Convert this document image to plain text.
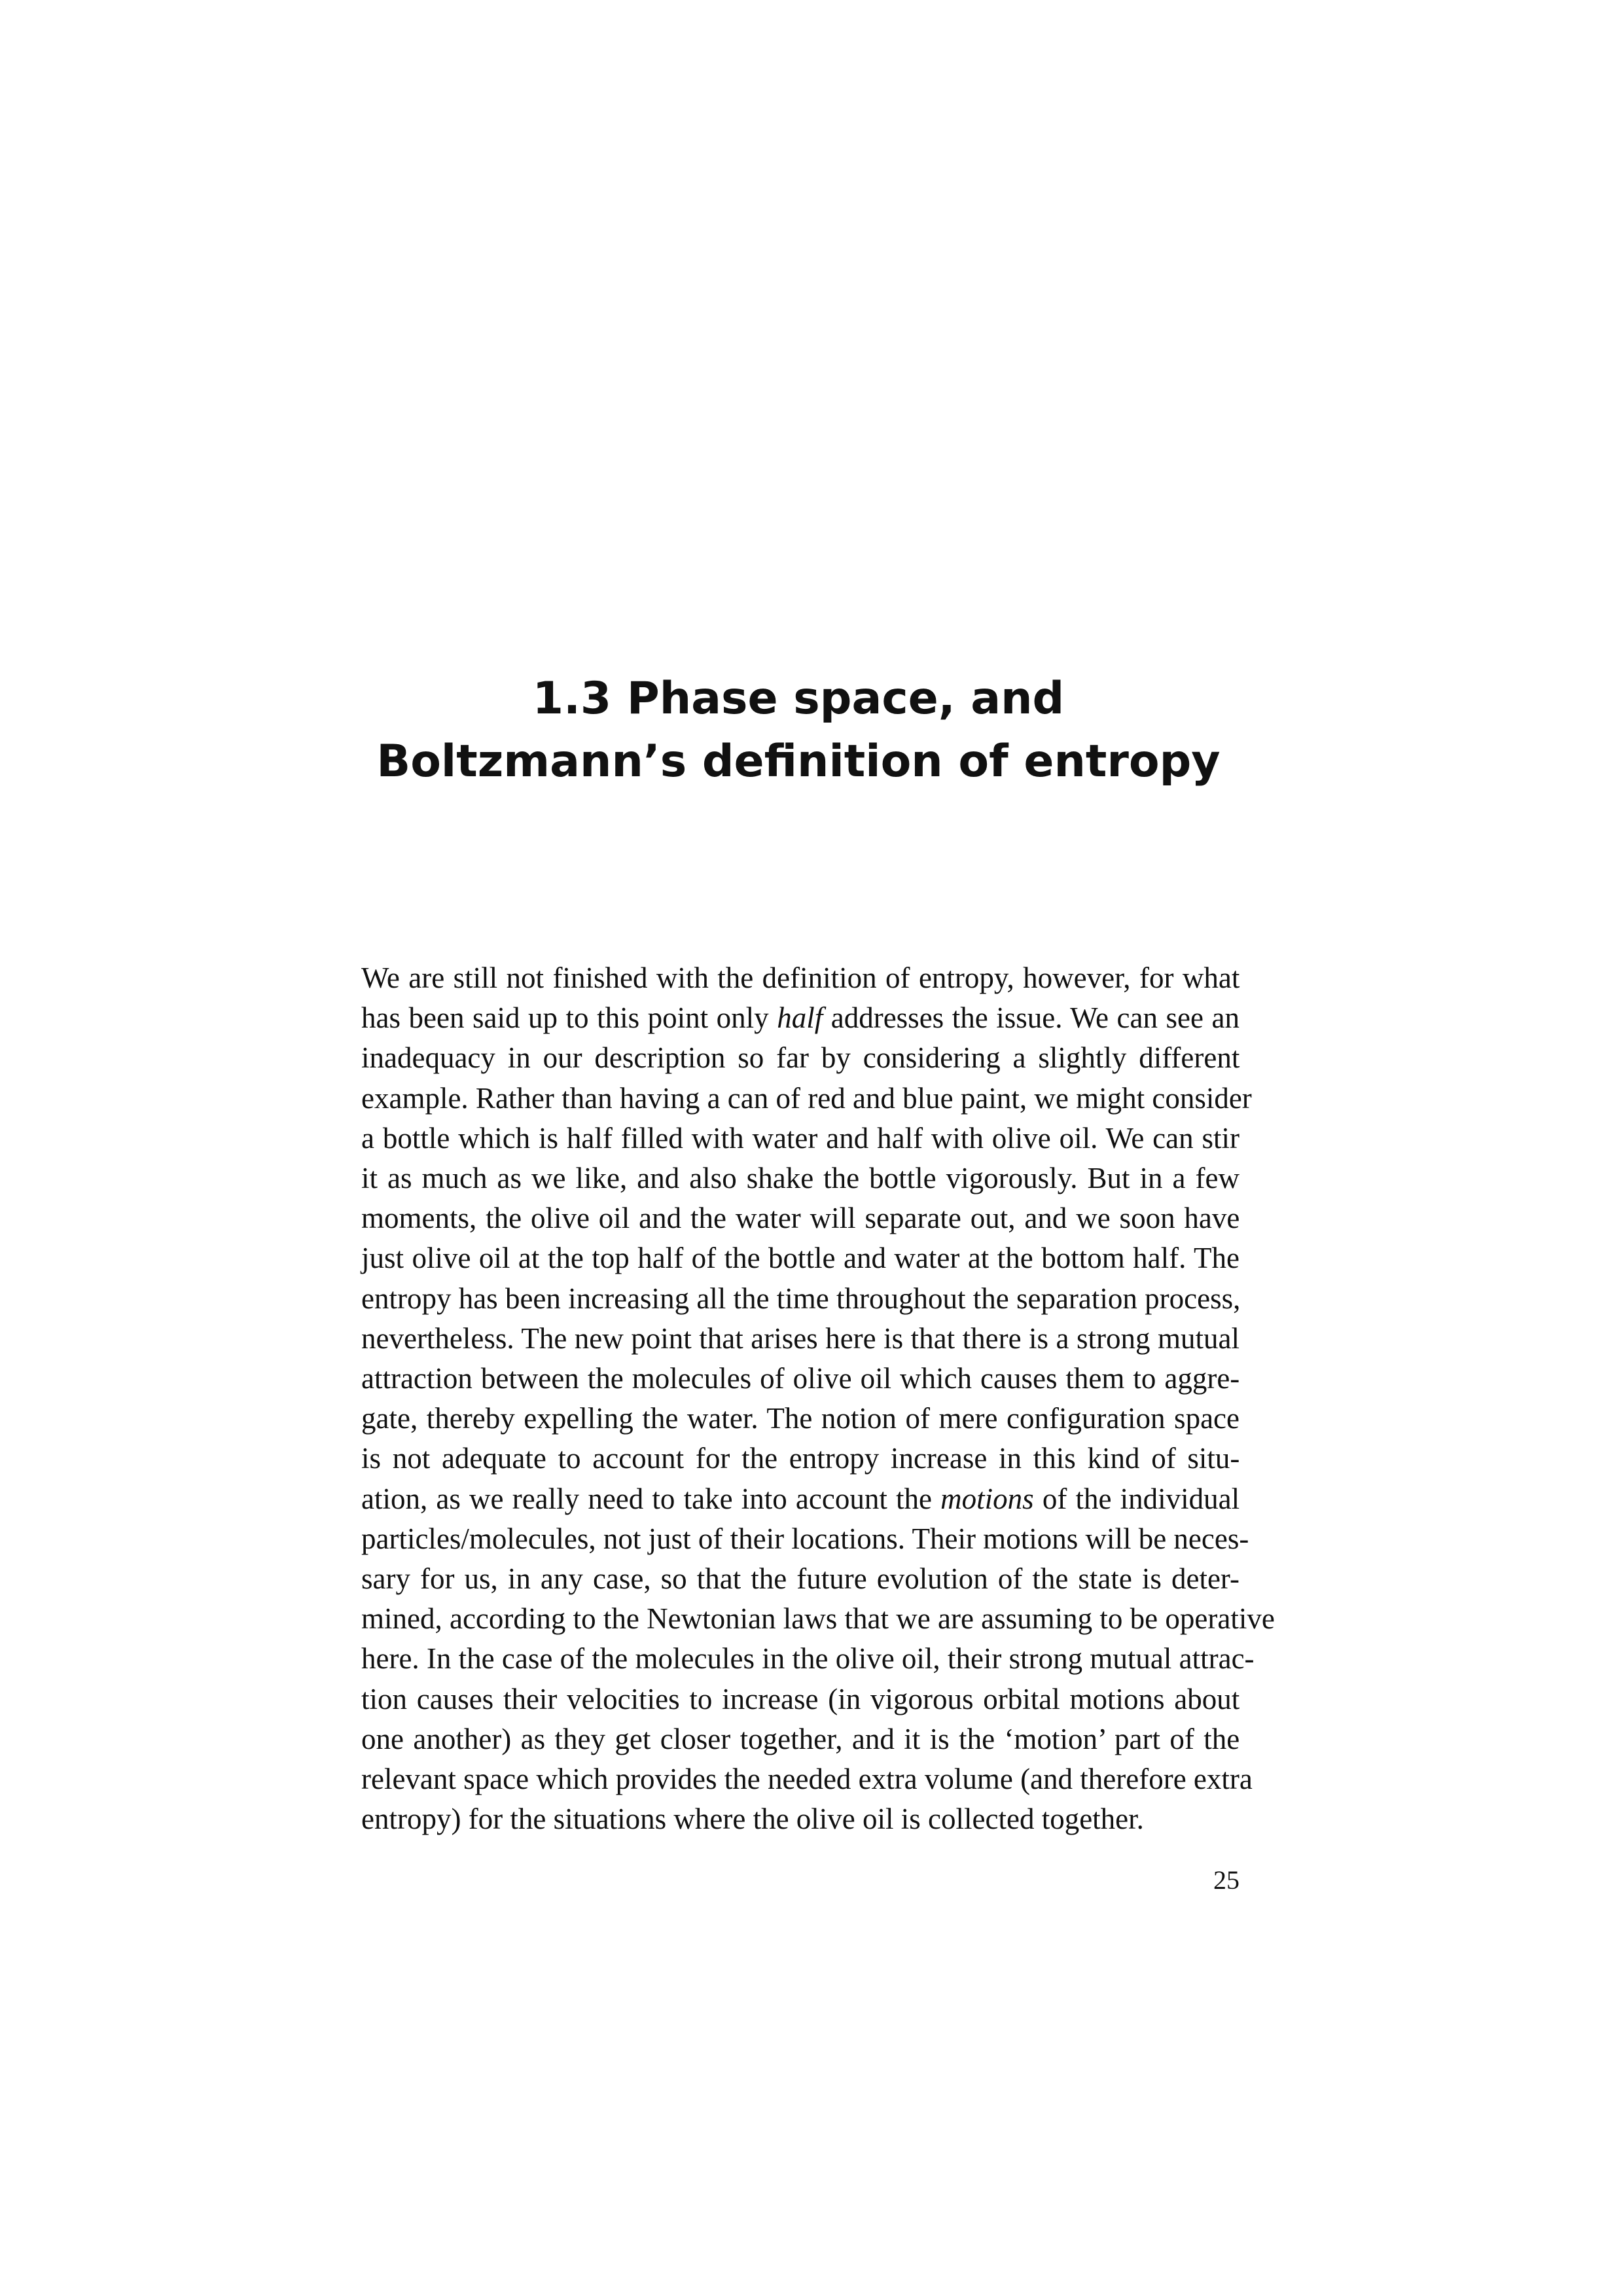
1.3 Phase space, and
Boltzmann’s definition of entropy

We are still not finished with the definition of entropy, however, for what
has been said up to this point only half addresses the issue. We can see an
inadequacy in our description so far by considering a slightly different
example. Rather than having a can of red and blue paint, we might consider
a bottle which is half filled with water and half with olive oil. We can stir
it as much as we like, and also shake the bottle vigorously. But in a few
moments, the olive oil and the water will separate out, and we soon have
just olive oil at the top half of the bottle and water at the bottom half. The
entropy has been increasing all the time throughout the separation process,
nevertheless. The new point that arises here is that there is a strong mutual
attraction between the molecules of olive oil which causes them to aggre-
gate, thereby expelling the water. The notion of mere configuration space
is not adequate to account for the entropy increase in this kind of situ-
ation, as we really need to take into account the motions of the individual
particles/molecules, not just of their locations. Their motions will be neces-
sary for us, in any case, so that the future evolution of the state is deter-
mined, according to the Newtonian laws that we are assuming to be operative
here. In the case of the molecules in the olive oil, their strong mutual attrac-
tion causes their velocities to increase (in vigorous orbital motions about
one another) as they get closer together, and it is the ‘motion’ part of the
relevant space which provides the needed extra volume (and therefore extra
entropy) for the situations where the olive oil is collected together.

25
